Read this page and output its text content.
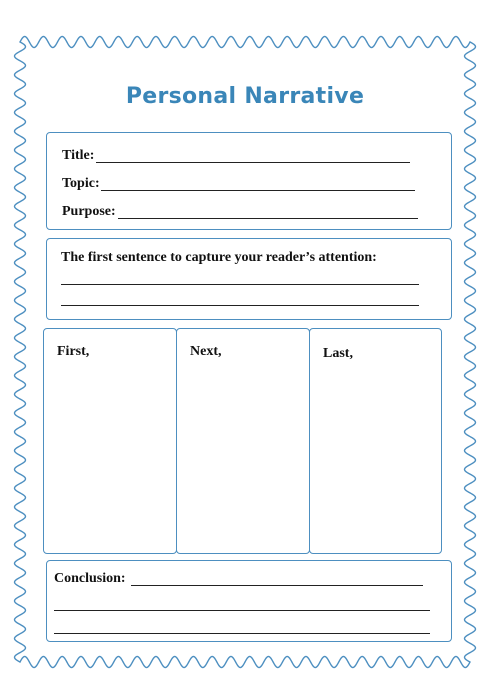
Personal Narrative
Title:
Topic:
Purpose:
The first sentence to capture your reader’s attention:
First,	Next,	Last,
Conclusion:
